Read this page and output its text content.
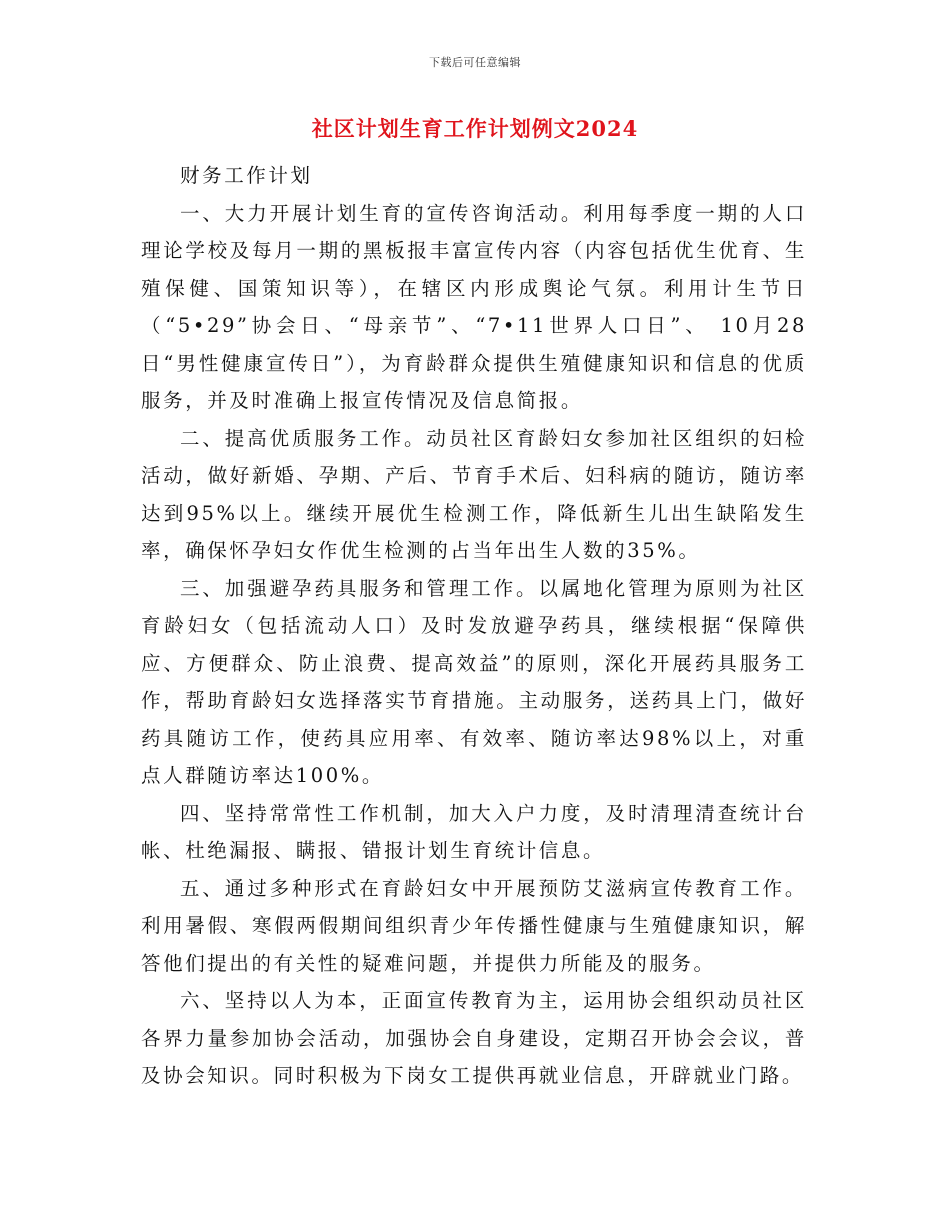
下载后可任意编辑
社区计划生育工作计划例文2024

财务工作计划

一、大力开展计划生育的宣传咨询活动。利用每季度一期的人口理论学校及每月一期的黑板报丰富宣传内容（内容包括优生优育、生殖保健、国策知识等），在辖区内形成舆论气氛。利用计生节日（“5•29”协会日、“母亲节”、“7•11世界人口日”、 10月28日“男性健康宣传日”），为育龄群众提供生殖健康知识和信息的优质服务，并及时准确上报宣传情况及信息简报。

二、提高优质服务工作。动员社区育龄妇女参加社区组织的妇检活动，做好新婚、孕期、产后、节育手术后、妇科病的随访，随访率达到95%以上。继续开展优生检测工作，降低新生儿出生缺陷发生率，确保怀孕妇女作优生检测的占当年出生人数的35%。

三、加强避孕药具服务和管理工作。以属地化管理为原则为社区育龄妇女（包括流动人口）及时发放避孕药具，继续根据“保障供应、方便群众、防止浪费、提高效益”的原则，深化开展药具服务工作，帮助育龄妇女选择落实节育措施。主动服务，送药具上门，做好药具随访工作，使药具应用率、有效率、随访率达98%以上，对重点人群随访率达100%。

四、坚持常常性工作机制，加大入户力度，及时清理清查统计台帐、杜绝漏报、瞒报、错报计划生育统计信息。

五、通过多种形式在育龄妇女中开展预防艾滋病宣传教育工作。利用暑假、寒假两假期间组织青少年传播性健康与生殖健康知识，解答他们提出的有关性的疑难问题，并提供力所能及的服务。

六、坚持以人为本，正面宣传教育为主，运用协会组织动员社区各界力量参加协会活动，加强协会自身建设，定期召开协会会议，普及协会知识。同时积极为下岗女工提供再就业信息，开辟就业门路。
